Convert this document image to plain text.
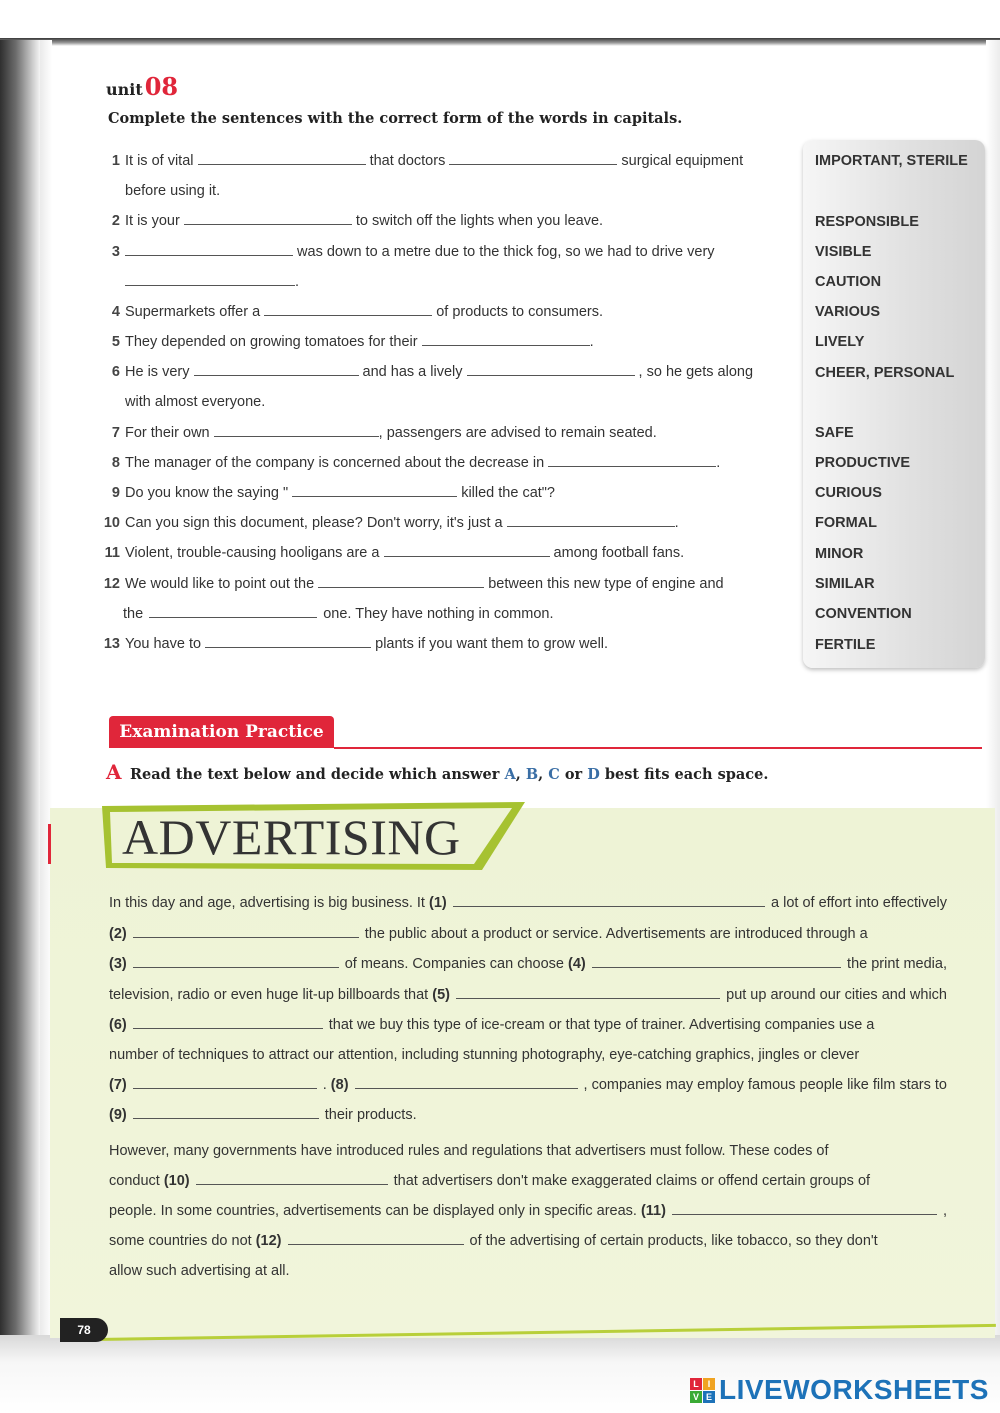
unit08
Complete the sentences with the correct form of the words in capitals.
1 It is of vital	that doctors	surgical equipment
before using it.
2 It is your	to switch off the lights when you leave.
3	was down to a metre due to the thick fog, so we had to drive very
.
4 Supermarkets offer a	of products to consumers.
5 They depended on growing tomatoes for their	.
6 He is very	and has a lively	, so he gets along
with almost everyone.
7 For their own	, passengers are advised to remain seated.
8 The manager of the company is concerned about the decrease in	.
9 Do you know the saying "	killed the cat"?
10 Can you sign this document, please? Don't worry, it's just a	.
11 Violent, trouble-causing hooligans are a	among football fans.
12 We would like to point out the	between this new type of engine and
the	one. They have nothing in common.
13 You have to	plants if you want them to grow well.
IMPORTANT, STERILE
RESPONSIBLE
VISIBLE
CAUTION
VARIOUS
LIVELY
CHEER, PERSONAL
SAFE
PRODUCTIVE
CURIOUS
FORMAL
MINOR
SIMILAR
CONVENTION
FERTILE
Examination Practice
A Read the text below and decide which answer A, B, C or D best fits each space.
ADVERTISING
In this day and age, advertising is big business. It
(1)	a lot of effort into effectively
(2)	the public about a product or service. Advertisements are introduced through a
(3)	of means. Companies can choose
(4)	the print media,
television, radio or even huge lit-up billboards that
(5)	put up around our cities and which
(6)	that we buy this type of ice-cream or that type of trainer. Advertising companies use a
number of techniques to attract our attention, including stunning photography, eye-catching graphics, jingles or clever
(7)	.
(8)	, companies may employ famous people like film stars to
(9)	their products.
However, many governments have introduced rules and regulations that advertisers must follow. These codes of
conduct
(10)	that advertisers don't make exaggerated claims or offend certain groups of
people. In some countries, advertisements can be displayed only in specific areas.
(11)	,
some countries do not
(12)	of the advertising of certain products, like tobacco, so they don't
allow such advertising at all.
78
L I
V E LIVEWORKSHEETS
